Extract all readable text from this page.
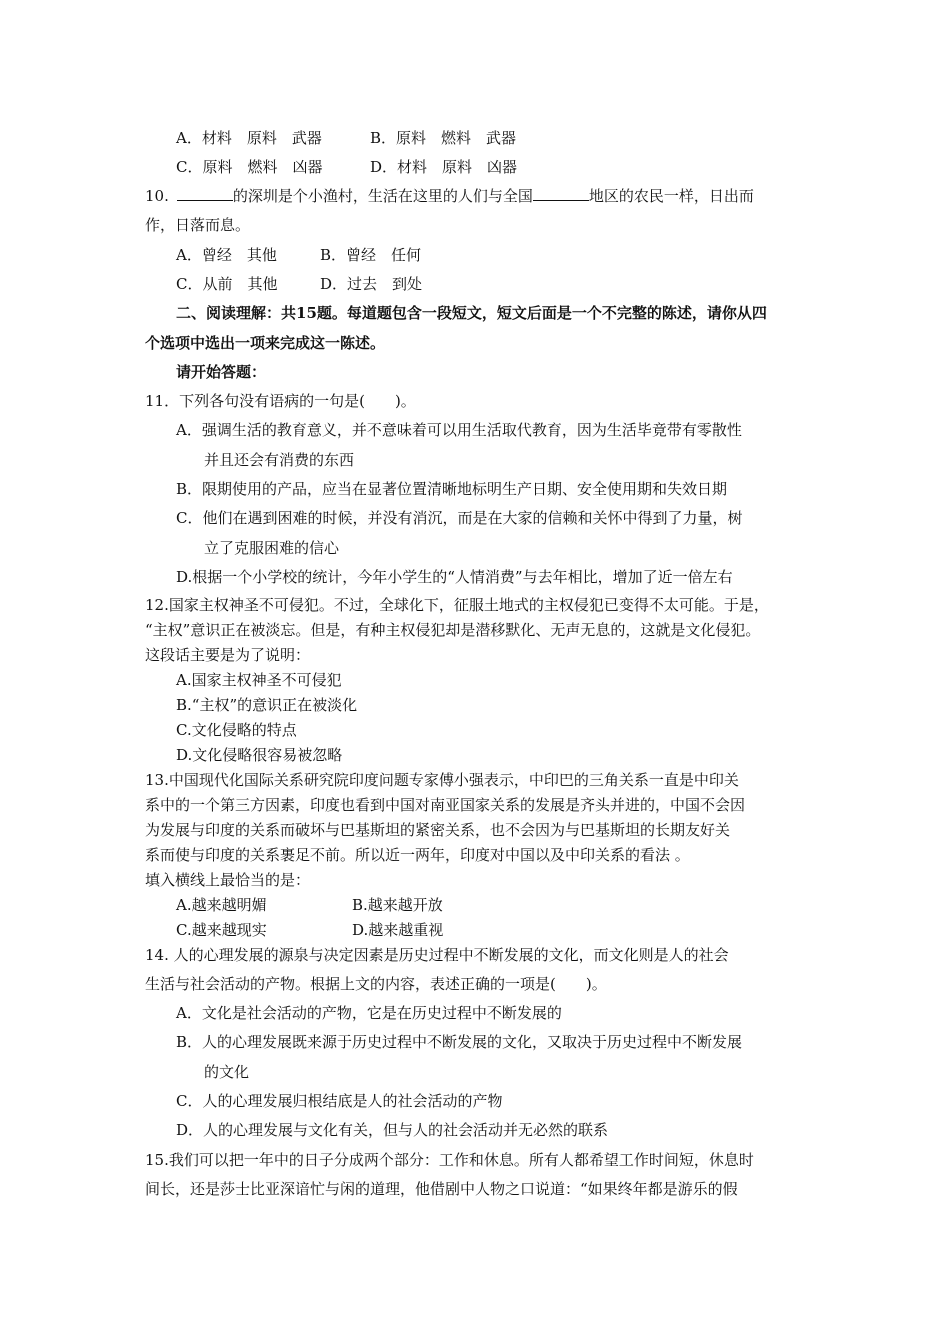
A．材料　原料　武器	B．原料　燃料　武器
C．原料　燃料　凶器	D．材料　原料　凶器
10.	的深圳是个小渔村，生活在这里的人们与全国	地区的农民一样，日出而
作，日落而息。
A．曾经　其他	B．曾经　任何
C．从前　其他	D．过去　到处
二、阅读理解：共15题。每道题包含一段短文，短文后面是一个不完整的陈述，请你从四
个选项中选出一项来完成这一陈述。
请开始答题：
11．下列各句没有语病的一句是(　　)。
A．强调生活的教育意义，并不意味着可以用生活取代教育，因为生活毕竟带有零散性
并且还会有消费的东西
B．限期使用的产品，应当在显著位置清晰地标明生产日期、安全使用期和失效日期
C．他们在遇到困难的时候，并没有消沉，而是在大家的信赖和关怀中得到了力量，树
立了克服困难的信心
D.根据一个小学校的统计，今年小学生的“人情消费”与去年相比，增加了近一倍左右
12.国家主权神圣不可侵犯。不过，全球化下，征服土地式的主权侵犯已变得不太可能。于是，
“主权”意识正在被淡忘。但是，有种主权侵犯却是潜移默化、无声无息的，这就是文化侵犯。
这段话主要是为了说明：
A.国家主权神圣不可侵犯
B.“主权”的意识正在被淡化
C.文化侵略的特点
D.文化侵略很容易被忽略
13.中国现代化国际关系研究院印度问题专家傅小强表示，中印巴的三角关系一直是中印关
系中的一个第三方因素，印度也看到中国对南亚国家关系的发展是齐头并进的，中国不会因
为发展与印度的关系而破坏与巴基斯坦的紧密关系，也不会因为与巴基斯坦的长期友好关
系而使与印度的关系裹足不前。所以近一两年，印度对中国以及中印关系的看法 。
填入横线上最恰当的是：
A.越来越明媚	B.越来越开放
C.越来越现实	D.越来越重视
14. 人的心理发展的源泉与决定因素是历史过程中不断发展的文化，而文化则是人的社会
生活与社会活动的产物。根据上文的内容，表述正确的一项是(　　)。
A．文化是社会活动的产物，它是在历史过程中不断发展的
B．人的心理发展既来源于历史过程中不断发展的文化，又取决于历史过程中不断发展
的文化
C．人的心理发展归根结底是人的社会活动的产物
D．人的心理发展与文化有关，但与人的社会活动并无必然的联系
15.我们可以把一年中的日子分成两个部分：工作和休息。所有人都希望工作时间短，休息时
间长，还是莎士比亚深谙忙与闲的道理，他借剧中人物之口说道：“如果终年都是游乐的假
